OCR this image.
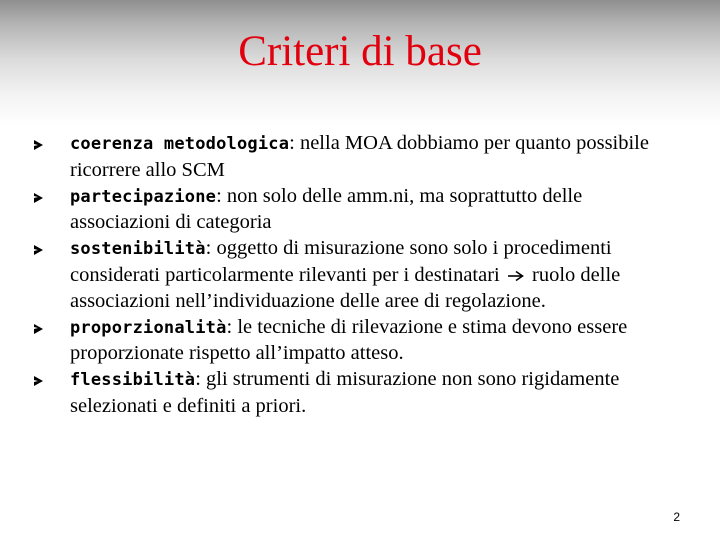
Criteri di base
coerenza metodologica: nella MOA dobbiamo per quanto possibile ricorrere allo SCM
partecipazione: non solo delle amm.ni, ma soprattutto delle associazioni di categoria
sostenibilità: oggetto di misurazione sono solo i procedimenti considerati particolarmente rilevanti per i destinatari ruolo delle associazioni nell’individuazione delle aree di regolazione.
proporzionalità: le tecniche di rilevazione e stima devono essere proporzionate rispetto all’impatto atteso.
flessibilità: gli strumenti di misurazione non sono rigidamente selezionati e definiti a priori.
2
